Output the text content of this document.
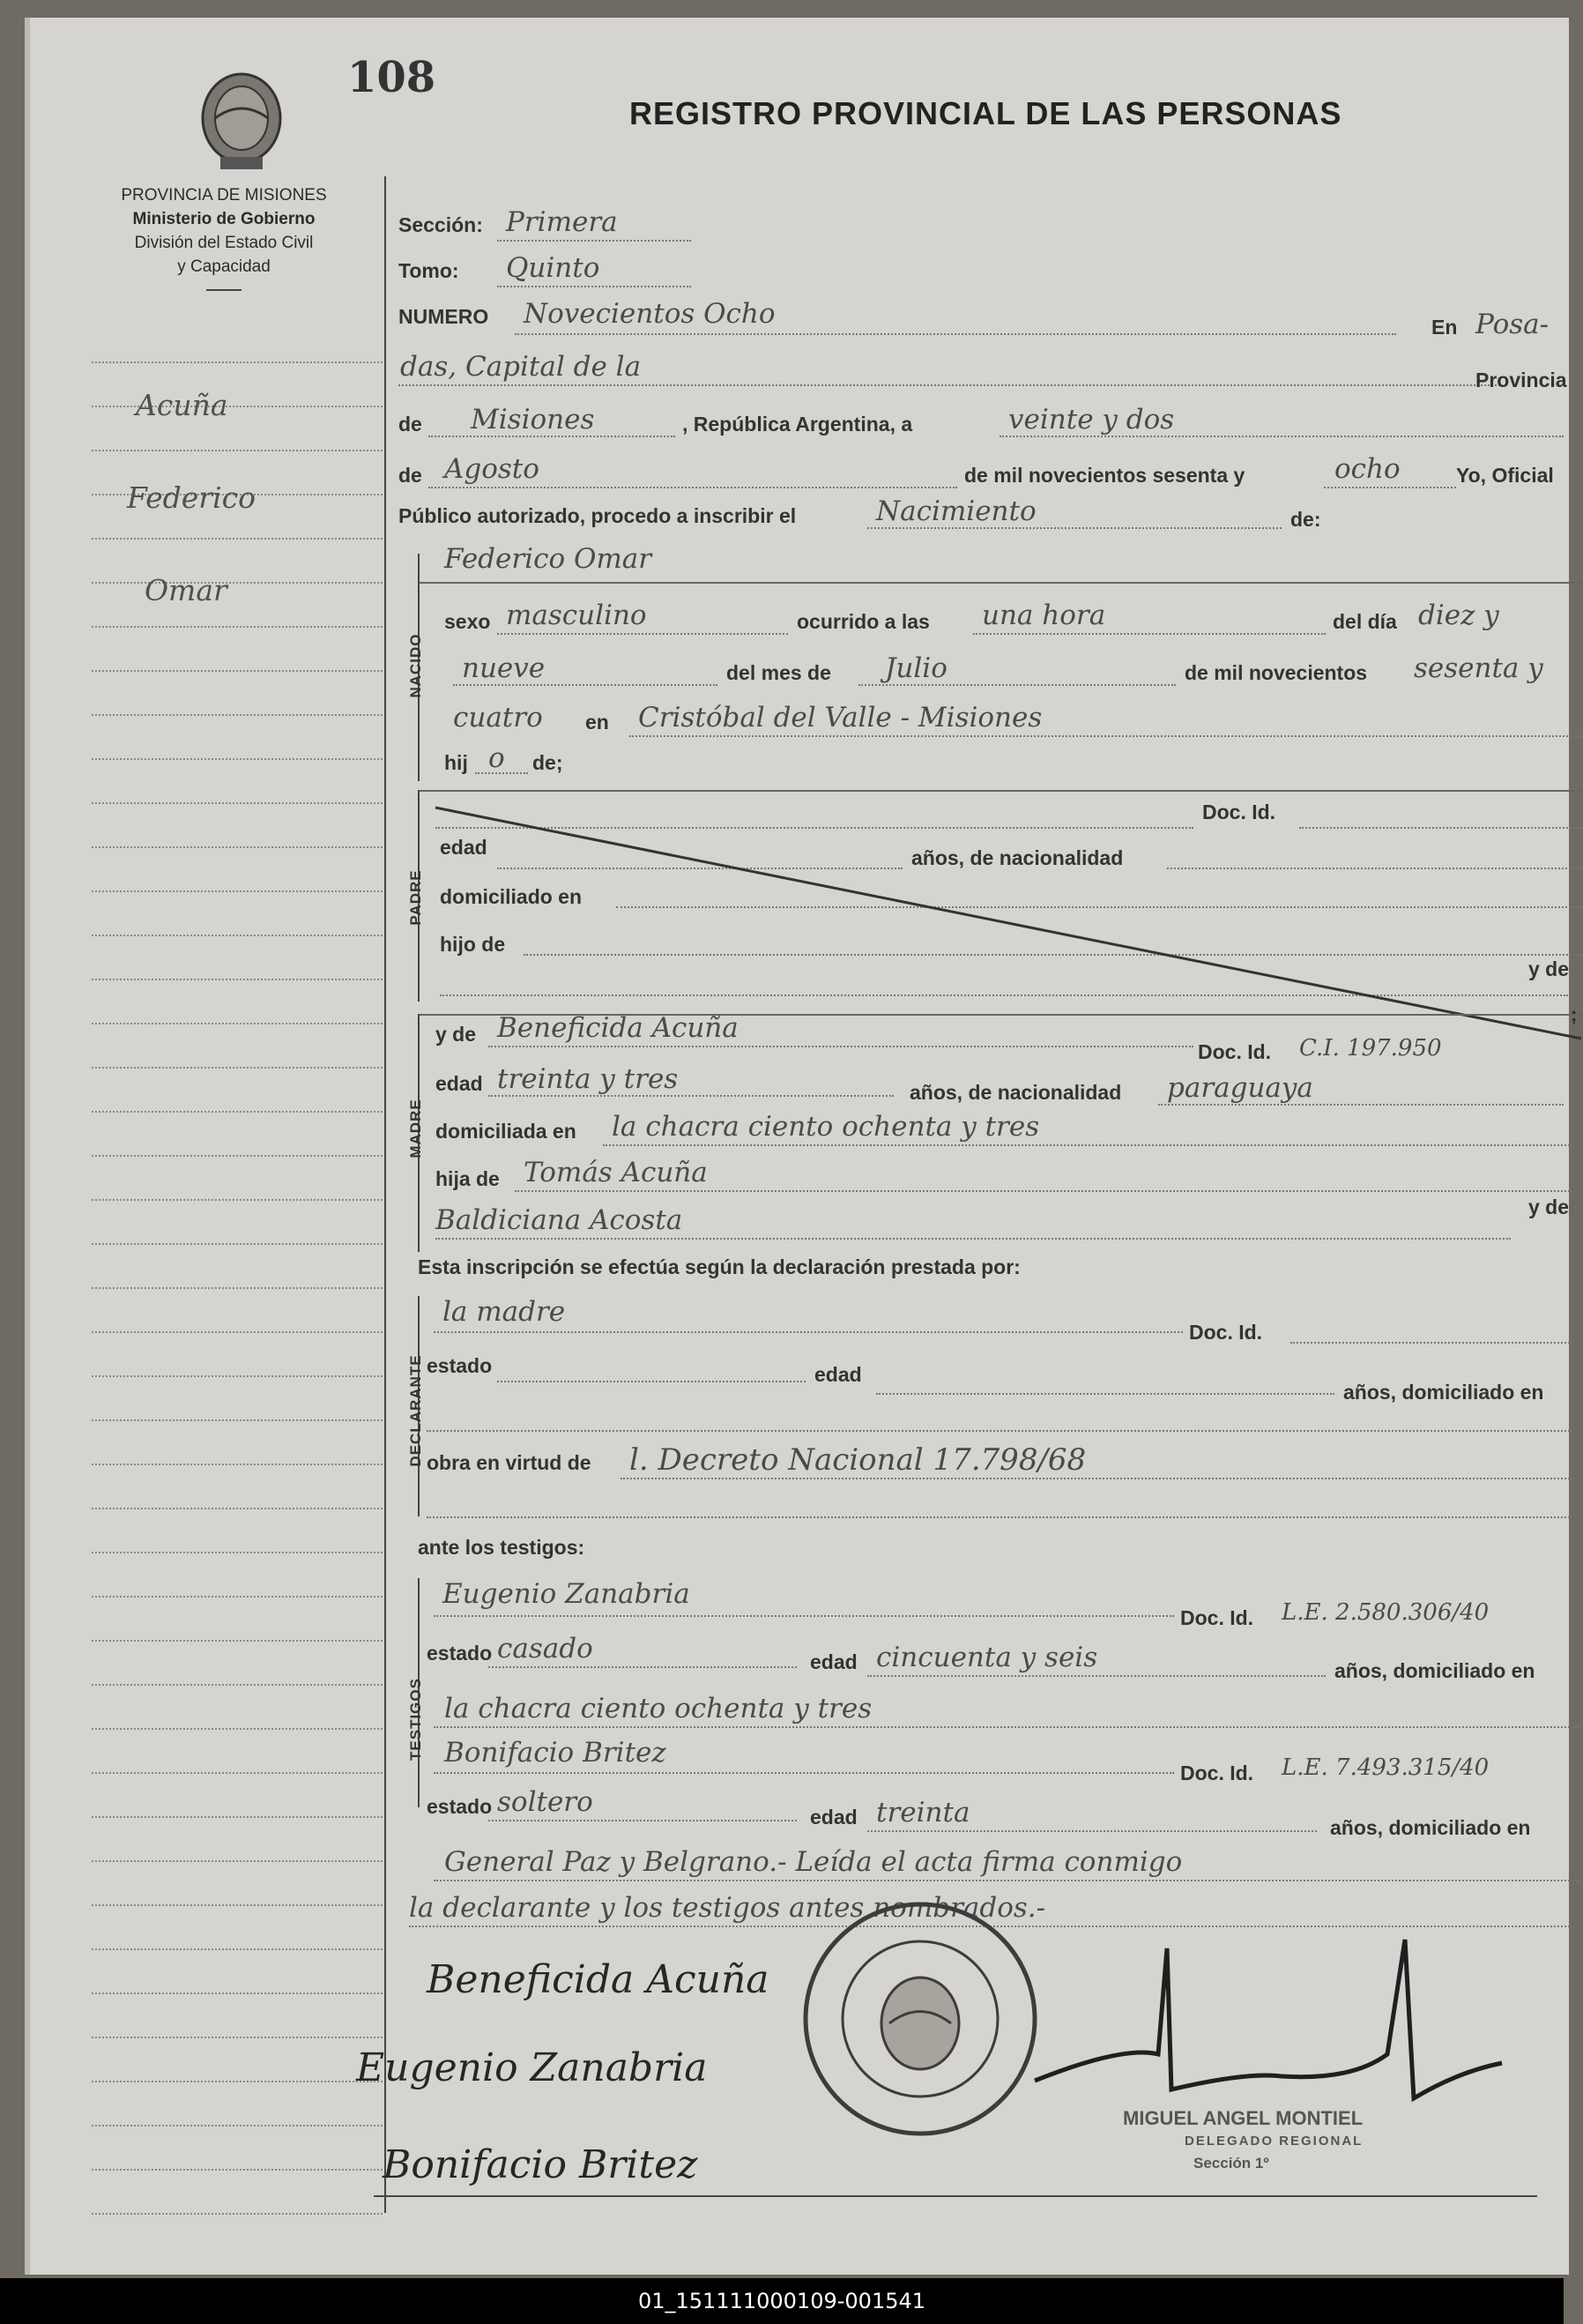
108
REGISTRO PROVINCIAL DE LAS PERSONAS
PROVINCIA DE MISIONES
Ministerio de Gobierno
División del Estado Civil
y Capacidad
Acuña
Federico
Omar
Sección: Primera
Tomo: Quinto
NUMERO Novecientos Ocho	En Posa-
das, Capital de la	Provincia
de Misiones	, República Argentina, a	veinte y dos
de Agosto	de mil novecientos sesenta y	ocho	Yo, Oficial
Público autorizado, procedo a inscribir el	Nacimiento	de:
NACIDO
Federico Omar
sexo masculino	ocurrido a las una hora	del día diez y
nueve	del mes de Julio	de mil novecientos sesenta y
cuatro en Cristóbal del Valle - Misiones
hij o de;
PADRE
Doc. Id.
edad	años, de nacionalidad
domiciliado en
hijo de
y de
MADRE
y de Beneficida Acuña
Doc. Id. C.I. 197.950
edad treinta y tres	años, de nacionalidad paraguaya
domiciliada en la chacra ciento ochenta y tres
hija de Tomás Acuña
Baldiciana Acosta	y de
Esta inscripción se efectúa según la declaración prestada por:
DECLARANTE
la madre
Doc. Id.
estado	edad
años, domiciliado en
obra en virtud de l. Decreto Nacional 17.798/68
ante los testigos:
TESTIGOS
Eugenio Zanabria
Doc. Id. L.E. 2.580.306/40
estado casado	edad cincuenta y seis	años, domiciliado en
la chacra ciento ochenta y tres
Bonifacio Britez
Doc. Id. L.E. 7.493.315/40
estado soltero	edad treinta	años, domiciliado en
General Paz y Belgrano.- Leída el acta firma conmigo
la declarante y los testigos antes nombrados.-
Beneficida Acuña
Eugenio Zanabria
Bonifacio Britez
MIGUEL ANGEL MONTIEL
DELEGADO REGIONAL
Sección 1º
01_151111000109-001541
